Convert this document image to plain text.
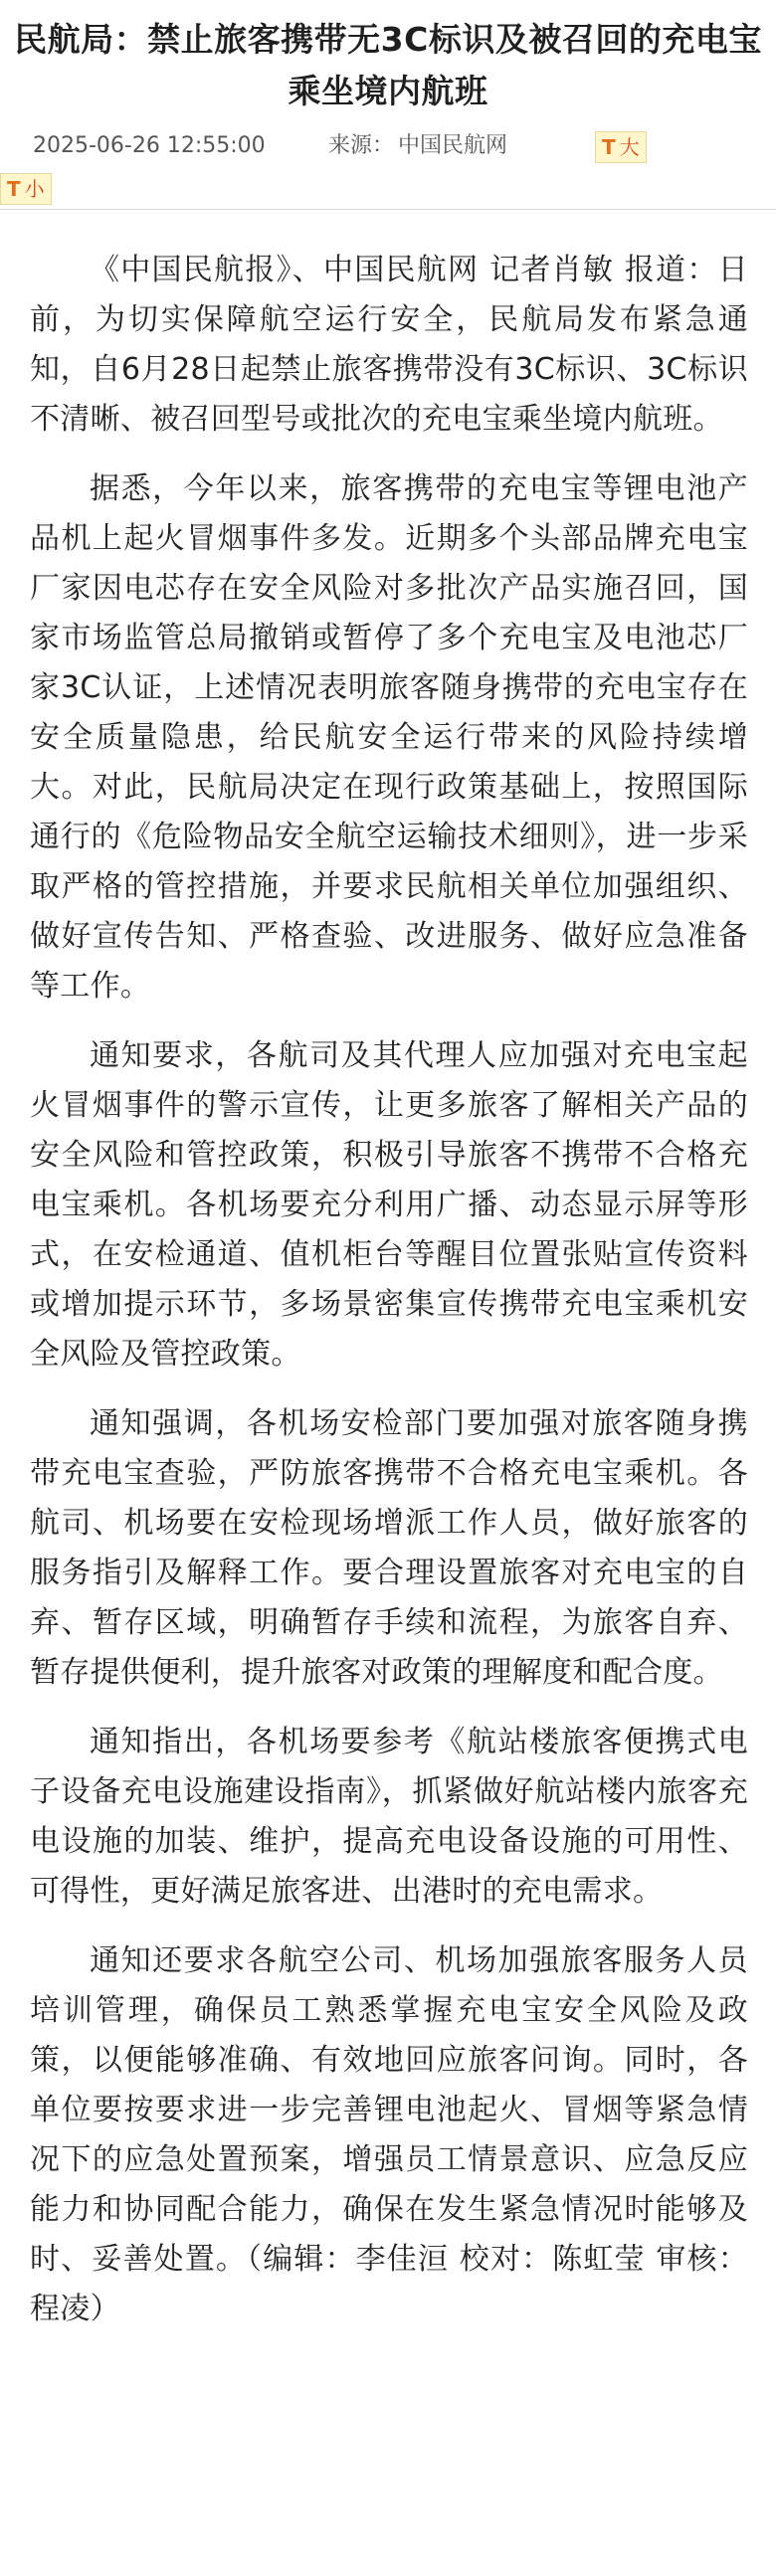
民航局：禁止旅客携带无3C标识及被召回的充电宝乘坐境内航班
2025-06-26 12:55:00	来源： 中国民航网	T 大
T 小

《中国民航报》、中国民航网 记者肖敏 报道：日前，为切实保障航空运行安全，民航局发布紧急通知，自6月28日起禁止旅客携带没有3C标识、3C标识不清晰、被召回型号或批次的充电宝乘坐境内航班。

据悉，今年以来，旅客携带的充电宝等锂电池产品机上起火冒烟事件多发。近期多个头部品牌充电宝厂家因电芯存在安全风险对多批次产品实施召回，国家市场监管总局撤销或暂停了多个充电宝及电池芯厂家3C认证，上述情况表明旅客随身携带的充电宝存在安全质量隐患，给民航安全运行带来的风险持续增大。对此，民航局决定在现行政策基础上，按照国际通行的《危险物品安全航空运输技术细则》，进一步采取严格的管控措施，并要求民航相关单位加强组织、做好宣传告知、严格查验、改进服务、做好应急准备等工作。

通知要求，各航司及其代理人应加强对充电宝起火冒烟事件的警示宣传，让更多旅客了解相关产品的安全风险和管控政策，积极引导旅客不携带不合格充电宝乘机。各机场要充分利用广播、动态显示屏等形式，在安检通道、值机柜台等醒目位置张贴宣传资料或增加提示环节，多场景密集宣传携带充电宝乘机安全风险及管控政策。

通知强调，各机场安检部门要加强对旅客随身携带充电宝查验，严防旅客携带不合格充电宝乘机。各航司、机场要在安检现场增派工作人员，做好旅客的服务指引及解释工作。要合理设置旅客对充电宝的自弃、暂存区域，明确暂存手续和流程，为旅客自弃、暂存提供便利，提升旅客对政策的理解度和配合度。

通知指出，各机场要参考《航站楼旅客便携式电子设备充电设施建设指南》，抓紧做好航站楼内旅客充电设施的加装、维护，提高充电设备设施的可用性、可得性，更好满足旅客进、出港时的充电需求。

通知还要求各航空公司、机场加强旅客服务人员培训管理，确保员工熟悉掌握充电宝安全风险及政策，以便能够准确、有效地回应旅客问询。同时，各单位要按要求进一步完善锂电池起火、冒烟等紧急情况下的应急处置预案，增强员工情景意识、应急反应能力和协同配合能力，确保在发生紧急情况时能够及时、妥善处置。（编辑：李佳洹 校对：陈虹莹 审核：程凌）
